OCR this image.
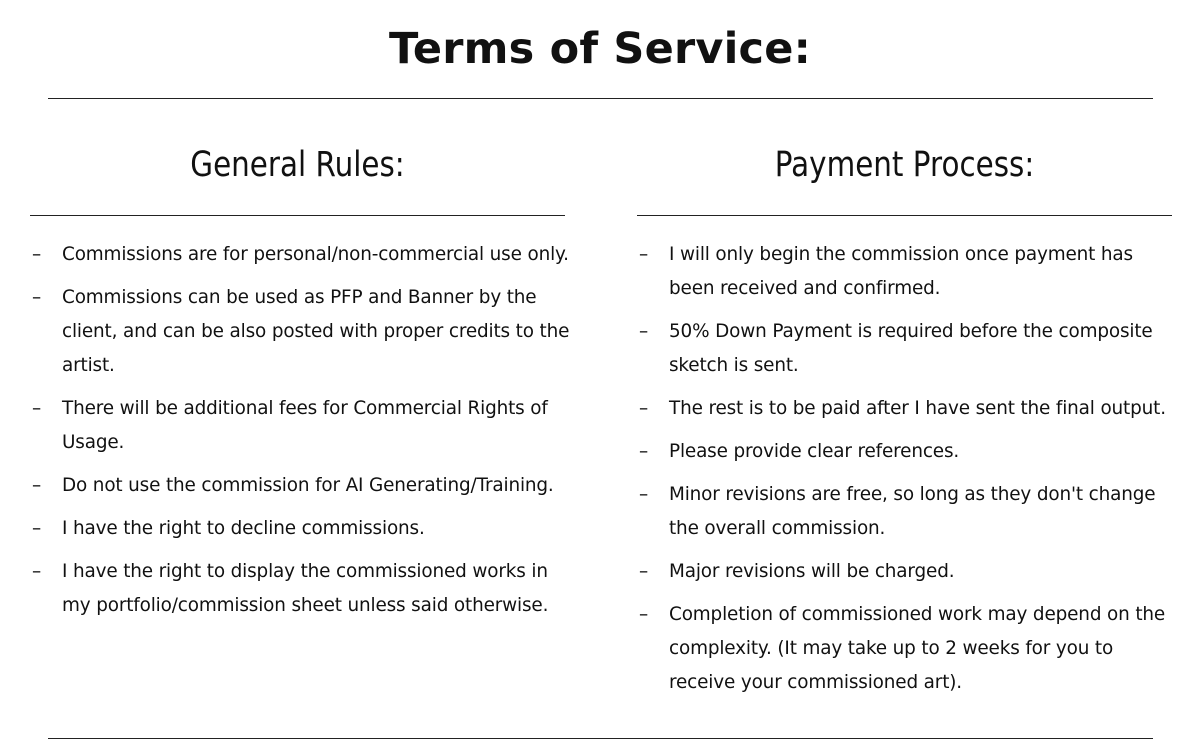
Terms of Service:
General Rules:	Payment Process:
– Commissions are for personal/non-commercial use only.
– Commissions can be used as PFP and Banner by the client, and can be also posted with proper credits to the artist.
– There will be additional fees for Commercial Rights of Usage.
– Do not use the commission for AI Generating/Training.
– I have the right to decline commissions.
– I have the right to display the commissioned works in my portfolio/commission sheet unless said otherwise.
– I will only begin the commission once payment has been received and confirmed.
– 50% Down Payment is required before the composite sketch is sent.
– The rest is to be paid after I have sent the final output.
– Please provide clear references.
– Minor revisions are free, so long as they don't change the overall commission.
– Major revisions will be charged.
– Completion of commissioned work may depend on the complexity. (It may take up to 2 weeks for you to receive your commissioned art).
